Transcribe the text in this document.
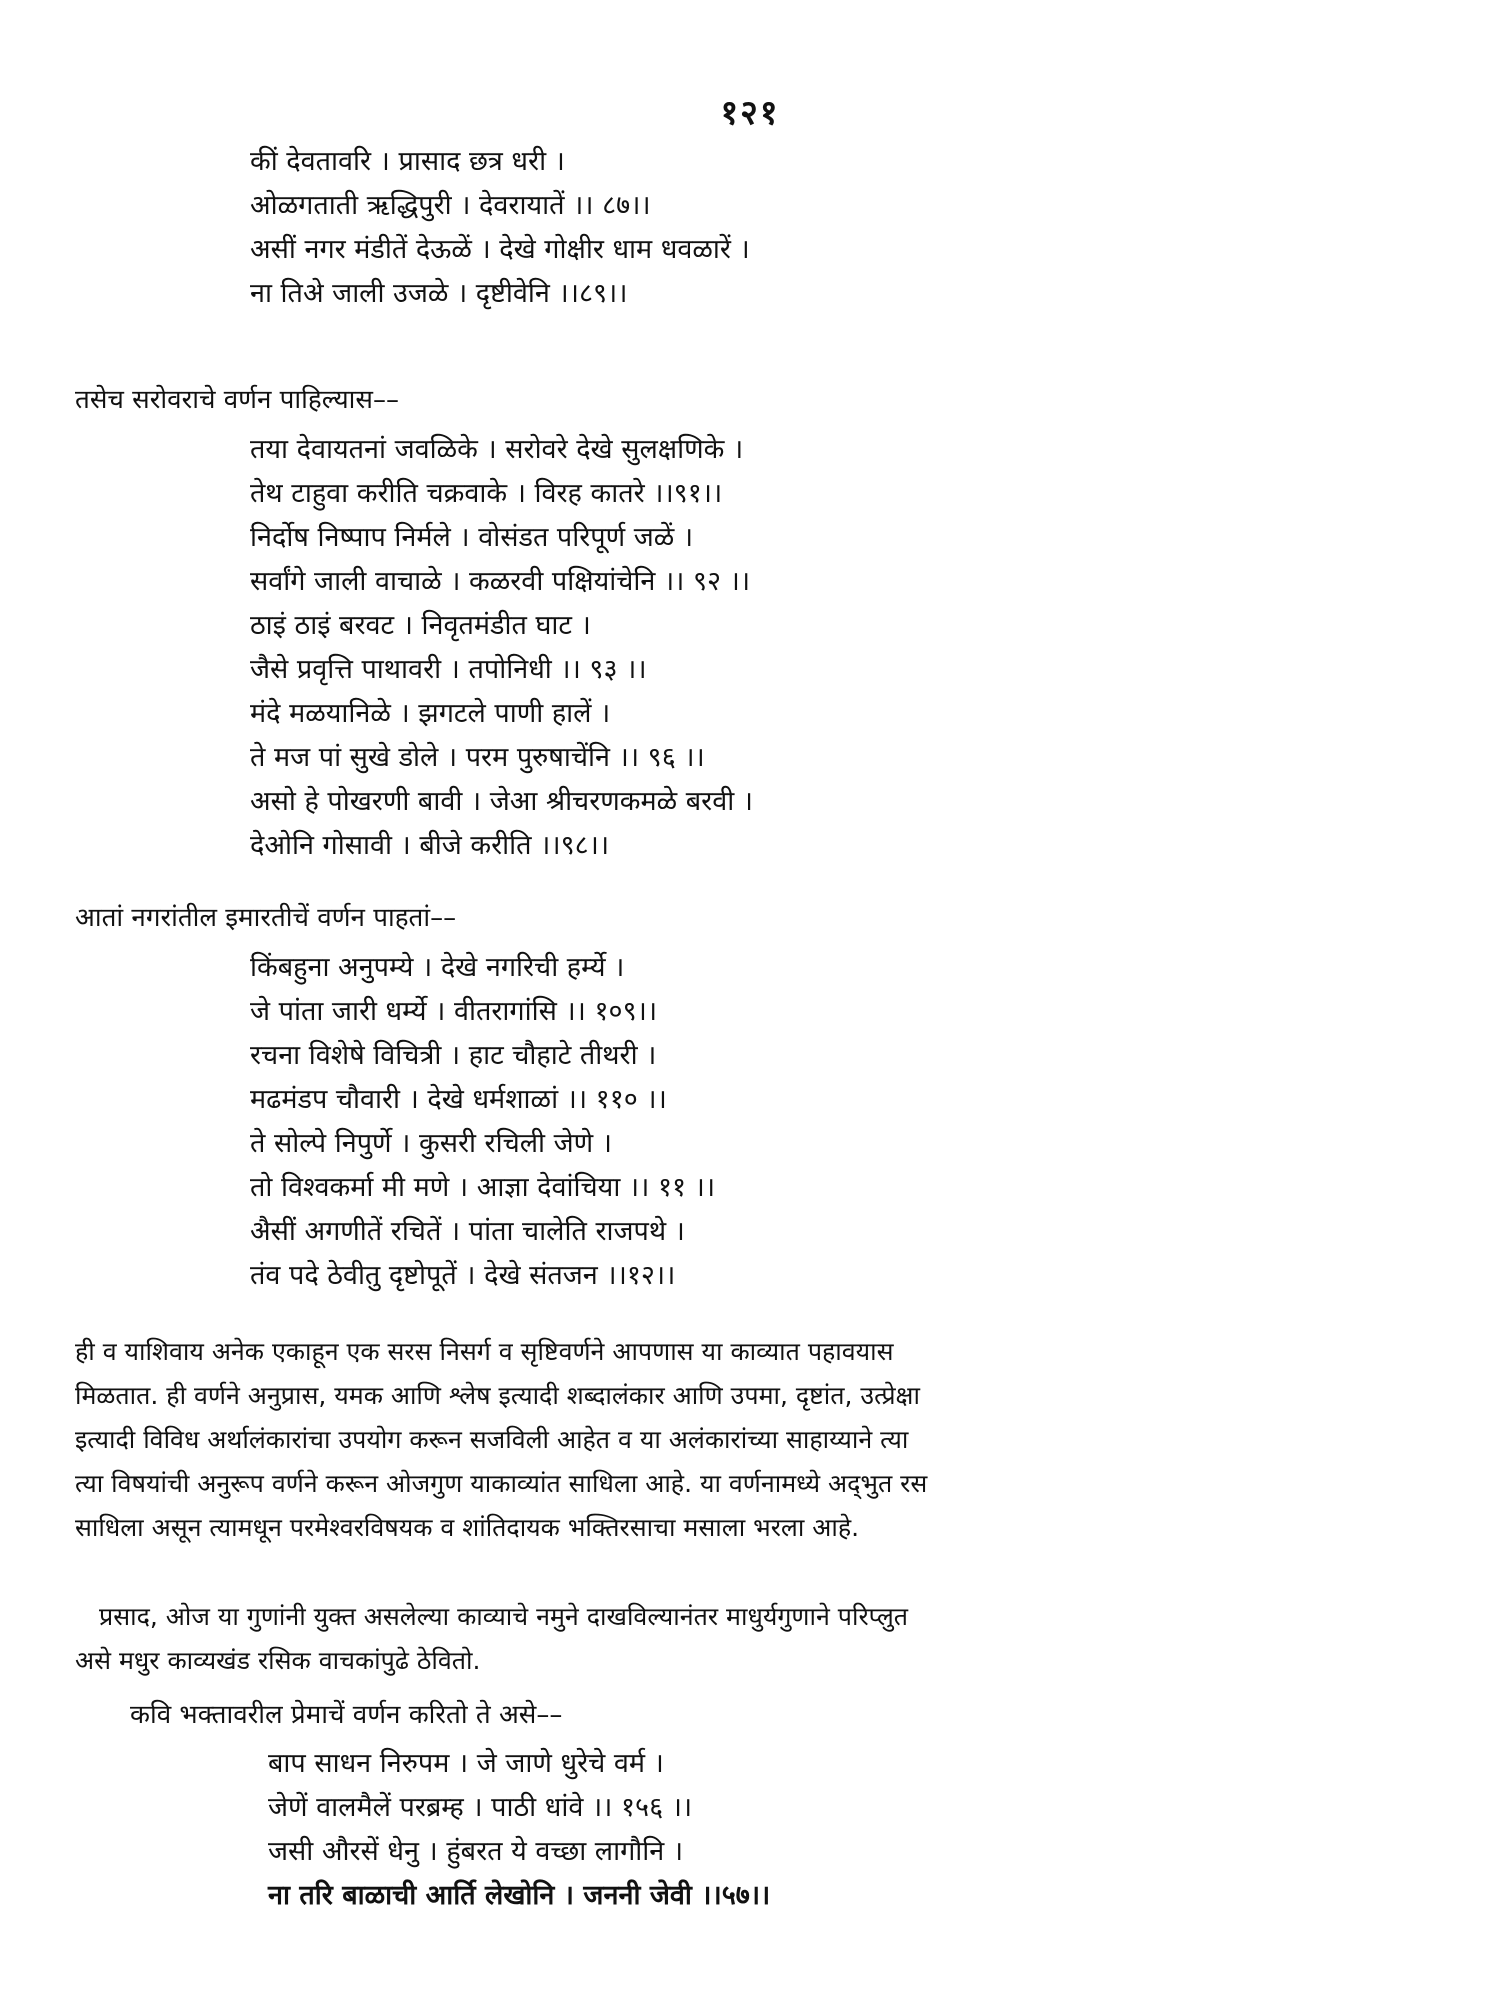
१२१
कीं देवतावरि । प्रासाद छत्र धरी ।
ओळगताती ऋद्धिपुरी । देवरायातें ।। ८७।।
असीं नगर मंडीतें देऊळें । देखे गोक्षीर धाम धवळारें ।
ना तिअे जाली उजळे । दृष्टीवेनि ।।८९।।

तसेच सरोवराचे वर्णन पाहिल्यास––

तया देवायतनां जवळिके । सरोवरे देखे सुलक्षणिके ।
तेथ टाहुवा करीति चक्रवाके । विरह कातरे ।।९१।।
निर्दोष निष्पाप निर्मले । वोसंडत परिपूर्ण जळें ।
सर्वांगे जाली वाचाळे । कळरवी पक्षियांचेनि ।। ९२ ।।
ठाइं ठाइं बरवट । निवृतमंडीत घाट ।
जैसे प्रवृत्ति पाथावरी । तपोनिधी ।। ९३ ।।
मंदे मळयानिळे । झगटले पाणी हालें ।
ते मज पां सुखे डोले । परम पुरुषाचेंनि ।। ९६ ।।
असो हे पोखरणी बावी । जेआ श्रीचरणकमळे बरवी ।
देओनि गोसावी । बीजे करीति ।।९८।।

आतां नगरांतील इमारतीचें वर्णन पाहतां––

किंबहुना अनुपम्ये । देखे नगरिची हर्म्ये ।
जे पांता जारी धर्म्ये । वीतरागांसि ।। १०९।।
रचना विशेषे विचित्री । हाट चौहाटे तीथरी ।
मढमंडप चौवारी । देखे धर्मशाळां ।। ११० ।।
ते सोल्पे निपुर्णे । कुसरी रचिली जेणे ।
तो विश्वकर्मा मी मणे । आज्ञा देवांचिया ।। ११ ।।
अैसीं अगणीतें रचितें । पांता चालेति राजपथे ।
तंव पदे ठेवीतु दृष्टोपूतें । देखे संतजन ।।१२।।

ही व याशिवाय अनेक एकाहून एक सरस निसर्ग व सृष्टिवर्णने आपणास या काव्यात पहावयास
मिळतात. ही वर्णने अनुप्रास, यमक आणि श्लेष इत्यादी शब्दालंकार आणि उपमा, दृष्टांत, उत्प्रेक्षा
इत्यादी विविध अर्थालंकारांचा उपयोग करून सजविली आहेत व या अलंकारांच्या साहाय्याने त्या
त्या विषयांची अनुरूप वर्णने करून ओजगुण याकाव्यांत साधिला आहे. या वर्णनामध्ये अद्‌भुत रस
साधिला असून त्यामधून परमेश्वरविषयक व शांतिदायक भक्तिरसाचा मसाला भरला आहे.

प्रसाद, ओज या गुणांनी युक्त असलेल्या काव्याचे नमुने दाखविल्यानंतर माधुर्यगुणाने परिप्लुत
असे मधुर काव्यखंड रसिक वाचकांपुढे ठेवितो.

कवि भक्तावरील प्रेमाचें वर्णन करितो ते असे––

बाप साधन निरुपम । जे जाणे धुरेचे वर्म ।
जेणें वालमैलें परब्रम्ह । पाठी धांवे ।। १५६ ।।
जसी औरसें धेनु । हुंबरत ये वच्छा लागौनि ।
ना तरि बाळाची आर्ति लेखोनि । जननी जेवी ।।५७।।
